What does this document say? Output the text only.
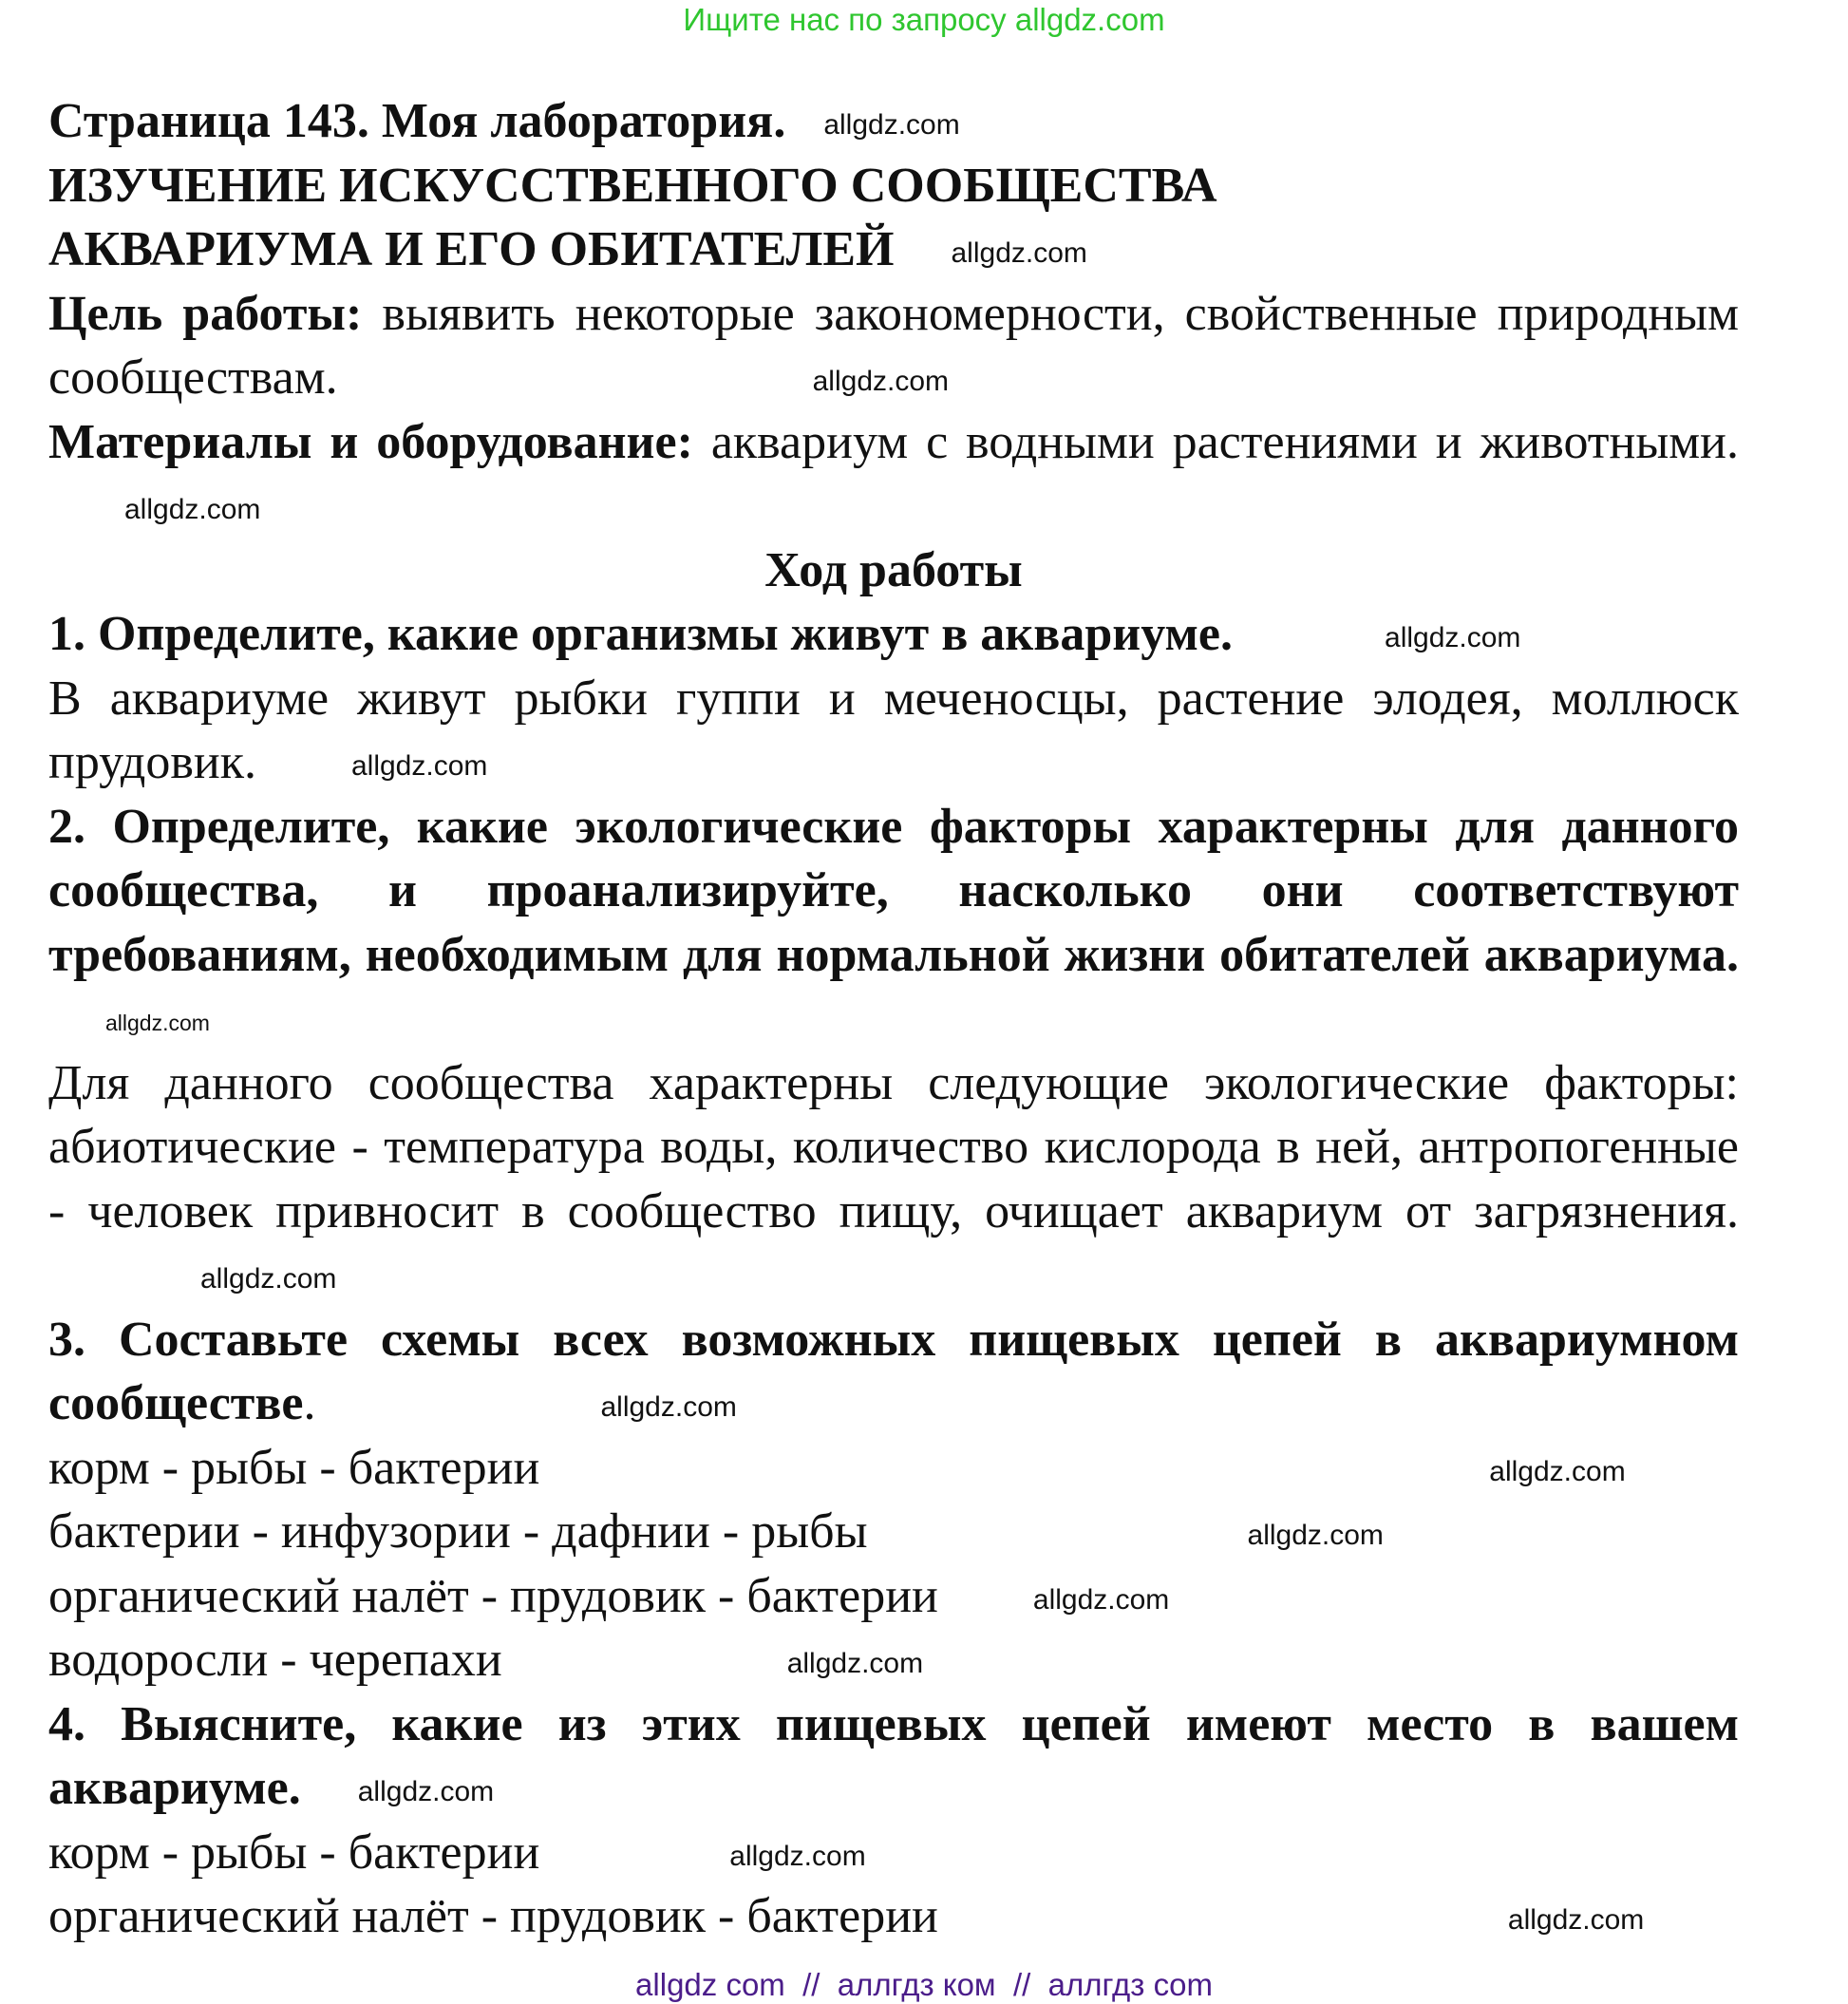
Ищите нас по запросу allgdz.com

Страница 143. Моя лаборатория. allgdz.com

ИЗУЧЕНИЕ ИСКУССТВЕННОГО СООБЩЕСТВА

АКВАРИУМА И ЕГО ОБИТАТЕЛЕЙ allgdz.com

Цель работы: выявить некоторые закономерности, свойственные природным сообществам.	allgdz.com

Материалы и оборудование: аквариум с водными растениями и животными.allgdz.com

Ход работы

1. Определите, какие организмы живут в аквариуме.	allgdz.com

В аквариуме живут рыбки гуппи и меченосцы, растение элодея, моллюск прудовик.	allgdz.com

2. Определите, какие экологические факторы характерны для данного сообщества, и проанализируйте, насколько они соответствуют требованиям, необходимым для нормальной жизни обитателей аквариума.allgdz.com

Для данного сообщества характерны следующие экологические факторы: абиотические - температура воды, количество кислорода в ней, антропогенные - человек привносит в сообщество пищу, очищает аквариум от загрязнения.allgdz.com

3. Составьте схемы всех возможных пищевых цепей в аквариумном сообществе.	allgdz.com

корм - рыбы - бактерии	allgdz.com

бактерии - инфузории - дафнии - рыбы	allgdz.com

органический налёт - прудовик - бактерии	allgdz.com

водоросли - черепахи	allgdz.com

4. Выясните, какие из этих пищевых цепей имеют место в вашем аквариуме. allgdz.com

корм - рыбы - бактерии	allgdz.com

органический налёт - прудовик - бактерии	allgdz.com

allgdz com  //  аллгдз ком  //  аллгдз com
